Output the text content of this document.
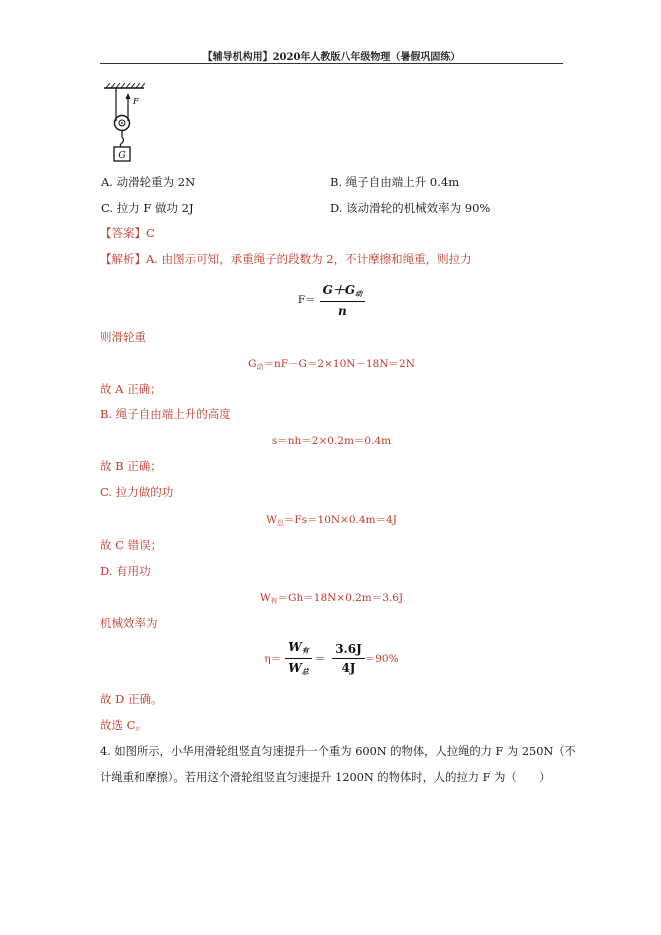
【辅导机构用】2020年人教版八年级物理（暑假巩固练）
G
F
A. 动滑轮重为 2N	B. 绳子自由端上升 0.4m
C. 拉力 F 做功 2J	D. 该动滑轮的机械效率为 90%
【答案】C
【解析】A. 由图示可知，承重绳子的段数为 2，不计摩擦和绳重，则拉力
$F= \frac{G+G_动}{n}$
则滑轮重
$G_动=nF-G=2\times 10N-18N=2N$
故 A 正确；
B. 绳子自由端上升的高度
s＝nh＝2×0.2m＝0.4m
故 B 正确；
C. 拉力做的功
$W_总=Fs=10N\times 0.4m=4J$
故 C 错误；
D. 有用功
$W_有=Gh=18N\times 0.2m=3.6J$
机械效率为
$\eta= \frac{W_有}{W_总} = \frac{3.6J}{4J} =90\%$
故 D 正确。
故选 C。
4. 如图所示，小华用滑轮组竖直匀速提升一个重为 600N 的物体，人拉绳的力 F 为 250N（不
计绳重和摩擦）。若用这个滑轮组竖直匀速提升 1200N 的物体时，人的拉力 F 为（　　）
